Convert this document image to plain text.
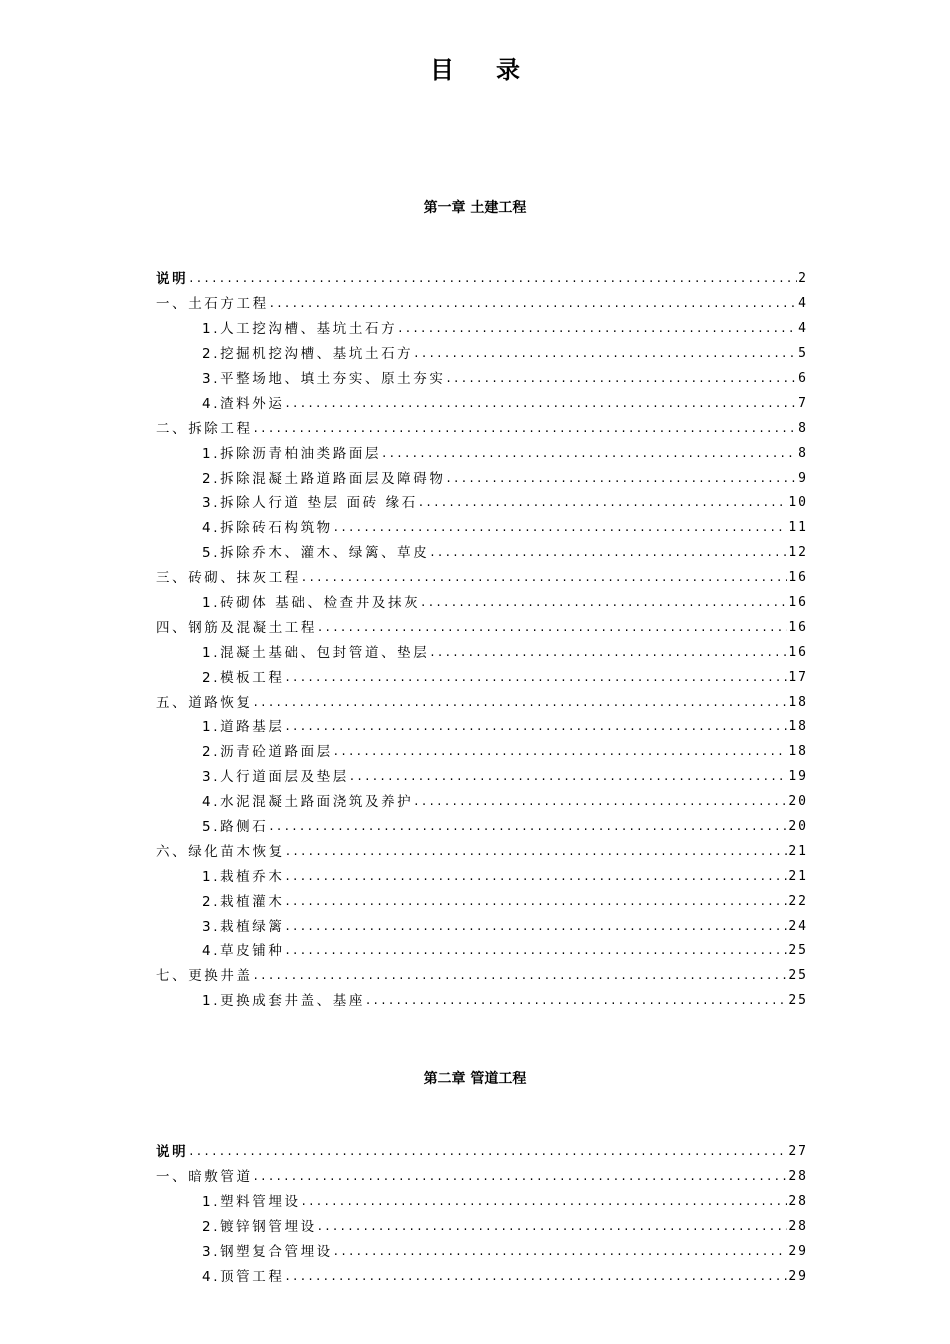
目录
第一章 土建工程
说明 . . .	2
一、土石方工程 . . .	4
1.人工挖沟槽、基坑土石方 . . .	4
2.挖掘机挖沟槽、基坑土石方 . . .	5
3.平整场地、填土夯实、原土夯实 . . .	6
4.渣料外运 . . .	7
二、拆除工程 . . .	8
1.拆除沥青柏油类路面层 . . .	8
2.拆除混凝土路道路面层及障碍物 . . .	9
3.拆除人行道 垫层 面砖 缘石 . . .	10
4.拆除砖石构筑物 . . .	11
5.拆除乔木、灌木、绿篱、草皮 . . .	12
三、砖砌、抹灰工程 . . .	16
1.砖砌体 基础、检查井及抹灰 . . .	16
四、钢筋及混凝土工程 . . .	16
1.混凝土基础、包封管道、垫层 . . .	16
2.模板工程 . . .	17
五、道路恢复 . . .	18
1.道路基层 . . .	18
2.沥青砼道路面层 . . .	18
3.人行道面层及垫层 . . .	19
4.水泥混凝土路面浇筑及养护 . . .	20
5.路侧石 . . .	20
六、绿化苗木恢复 . . .	21
1.栽植乔木 . . .	21
2.栽植灌木 . . .	22
3.栽植绿篱 . . .	24
4.草皮铺种 . . .	25
七、更换井盖 . . .	25
1.更换成套井盖、基座 . . .	25
第二章 管道工程
说明 . . .	27
一、暗敷管道 . . .	28
1.塑料管埋设 . . .	28
2.镀锌钢管埋设 . . .	28
3.钢塑复合管埋设 . . .	29
4.顶管工程 . . .	29
